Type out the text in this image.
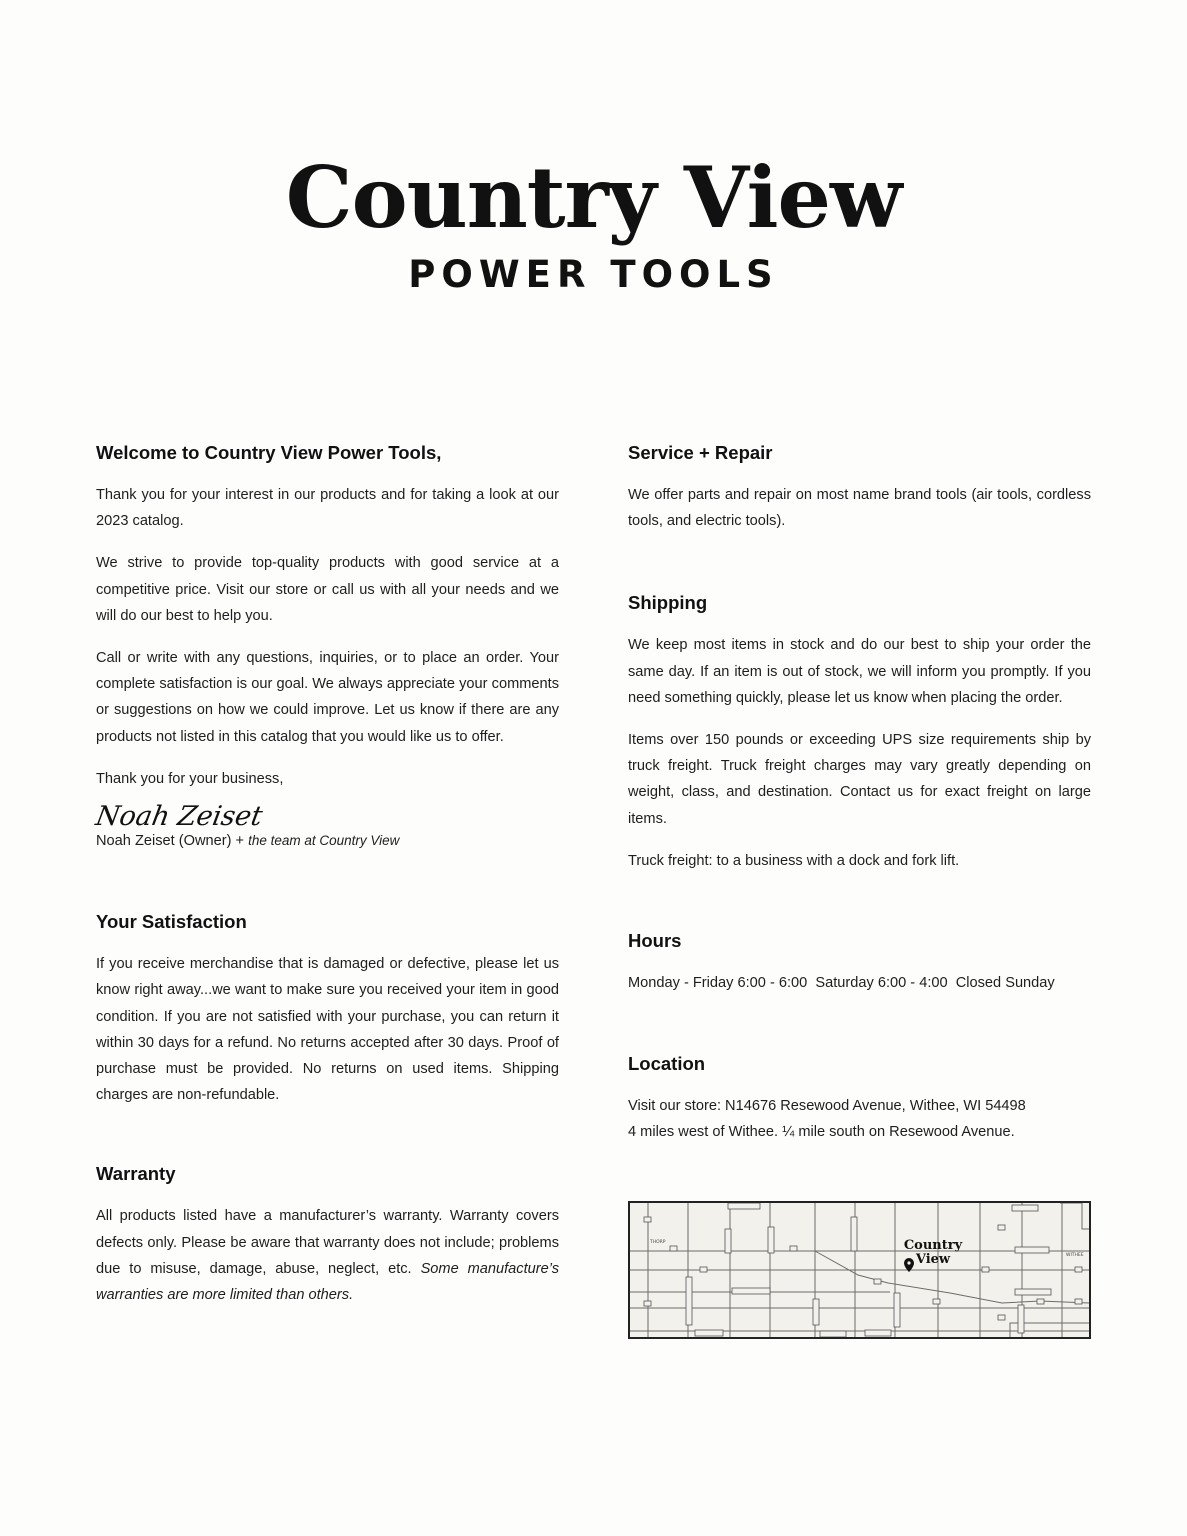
Country View
POWER TOOLS
Welcome to Country View Power Tools,

Thank you for your interest in our products and for taking a look at our 2023 catalog.

We strive to provide top-quality products with good service at a competitive price. Visit our store or call us with all your needs and we will do our best to help you.

Call or write with any questions, inquiries, or to place an order. Your complete satisfaction is our goal. We always appreciate your comments or suggestions on how we could improve. Let us know if there are any products not listed in this catalog that you would like us to offer.

Thank you for your business,

Noah Zeiset

Noah Zeiset (Owner) + the team at Country View

Your Satisfaction

If you receive merchandise that is damaged or defective, please let us know right away...we want to make sure you received your item in good condition. If you are not satisfied with your purchase, you can return it within 30 days for a refund. No returns accepted after 30 days. Proof of purchase must be provided. No returns on used items. Shipping charges are non-refundable.

Warranty

All products listed have a manufacturer’s warranty. Warranty covers defects only. Please be aware that warranty does not include; problems due to misuse, damage, abuse, neglect, etc. Some manufacture’s warranties are more limited than others.

Service + Repair

We offer parts and repair on most name brand tools (air tools, cordless tools, and electric tools).

Shipping

We keep most items in stock and do our best to ship your order the same day. If an item is out of stock, we will inform you promptly. If you need something quickly, please let us know when placing the order.

Items over 150 pounds or exceeding UPS size requirements ship by truck freight. Truck freight charges may vary greatly depending on weight, class, and destination. Contact us for exact freight on large items.

Truck freight: to a business with a dock and fork lift.

Hours

Monday - Friday 6:00 - 6:00  Saturday 6:00 - 4:00  Closed Sunday

Location

Visit our store: N14676 Resewood Avenue, Withee, WI 54498

4 miles west of Withee. ¼ mile south on Resewood Avenue.

Country
View
THORP
WITHEE
